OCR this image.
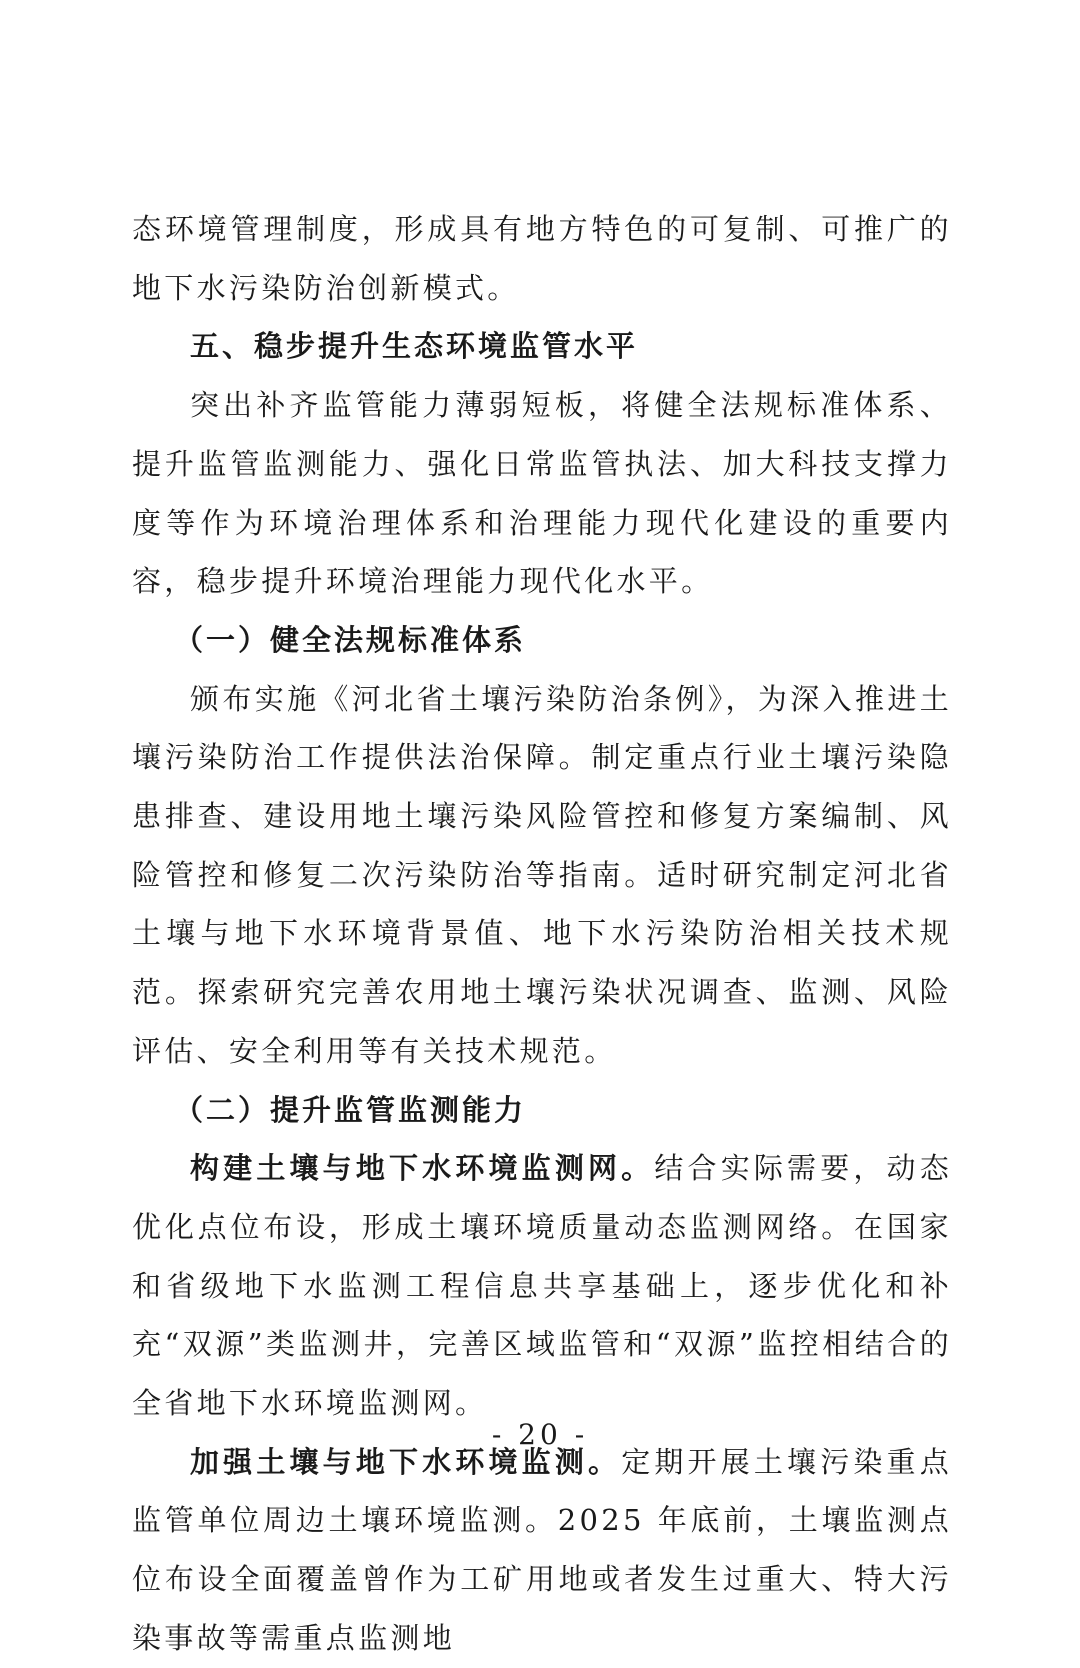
态环境管理制度，形成具有地方特色的可复制、可推广的地下水污染防治创新模式。

五、稳步提升生态环境监管水平

突出补齐监管能力薄弱短板，将健全法规标准体系、提升监管监测能力、强化日常监管执法、加大科技支撑力度等作为环境治理体系和治理能力现代化建设的重要内容，稳步提升环境治理能力现代化水平。

（一）健全法规标准体系

颁布实施《河北省土壤污染防治条例》，为深入推进土壤污染防治工作提供法治保障。制定重点行业土壤污染隐患排查、建设用地土壤污染风险管控和修复方案编制、风险管控和修复二次污染防治等指南。适时研究制定河北省土壤与地下水环境背景值、地下水污染防治相关技术规范。探索研究完善农用地土壤污染状况调查、监测、风险评估、安全利用等有关技术规范。

（二）提升监管监测能力

构建土壤与地下水环境监测网。结合实际需要，动态优化点位布设，形成土壤环境质量动态监测网络。在国家和省级地下水监测工程信息共享基础上，逐步优化和补充“双源”类监测井，完善区域监管和“双源”监控相结合的全省地下水环境监测网。

加强土壤与地下水环境监测。定期开展土壤污染重点监管单位周边土壤环境监测。2025 年底前，土壤监测点位布设全面覆盖曾作为工矿用地或者发生过重大、特大污染事故等需重点监测地

- 20 -
